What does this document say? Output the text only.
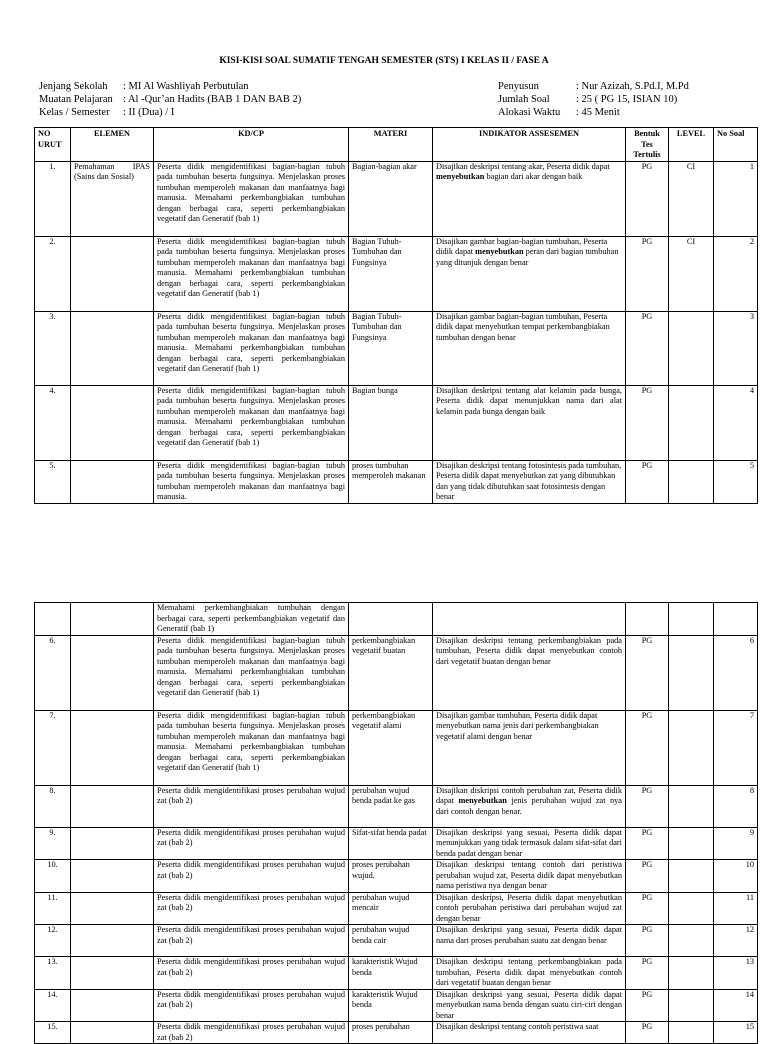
KISI-KISI SOAL SUMATIF TENGAH SEMESTER (STS) I KELAS II / FASE A
Jenjang Sekolah	: MI Al Washliyah Perbutulan
Muatan Pelajaran : Al -Qur’an Hadits (BAB 1 DAN BAB 2)
Kelas / Semester	: II (Dua) / I
Penyusun	: Nur Azizah, S.Pd.I, M.Pd
Jumlah Soal	: 25 ( PG 15, ISIAN 10)
Alokasi Waktu	: 45 Menit
NO URUT	ELEMEN	KD/CP	MATERI	INDIKATOR ASSESEMEN	Bentuk Tes Tertulis	LEVEL	No Soal
1.	Pemahaman IPAS (Sains dan Sosial)	Peserta didik mengidentifikasi bagian-bagian tubuh pada tumbuhan beserta fungsinya. Menjelaskan proses tumbuhan memperoleh makanan dan manfaatnya bagi manusia. Memahami perkembangbiakan tumbuhan dengan berbagai cara, seperti perkembangbiakan vegetatif dan Generatif (bab 1)	Bagian-bagian akar	Disajikan deskripsi tentang akar, Peserta didik dapat menyebutkan bagian dari akar dengan baik	PG	CI	1
2.		Peserta didik mengidentifikasi bagian-bagian tubuh pada tumbuhan beserta fungsinya. Menjelaskan proses tumbuhan memperoleh makanan dan manfaatnya bagi manusia. Memahami perkembangbiakan tumbuhan dengan berbagai cara, seperti perkembangbiakan vegetatif dan Generatif (bab 1)	Bagian Tubuh-Tumbuhan dan Fungsinya	Disajikan gambar bagian-bagian tumbuhan, Peserta didik dapat menyebutkan peran dari bagian tumbuhan yang ditunjuk dengan benar	PG	CI	2
3.		Peserta didik mengidentifikasi bagian-bagian tubuh pada tumbuhan beserta fungsinya. Menjelaskan proses tumbuhan memperoleh makanan dan manfaatnya bagi manusia. Memahami perkembangbiakan tumbuhan dengan berbagai cara, seperti perkembangbiakan vegetatif dan Generatif (bab 1)	Bagian Tubuh-Tumbuhan dan Fungsinya	Disajikan gambar bagian-bagian tumbuhan, Peserta didik dapat menyebutkan tempat perkembangbiakan tumbuhan dengan benar	PG		3
4.		Peserta didik mengidentifikasi bagian-bagian tubuh pada tumbuhan beserta fungsinya. Menjelaskan proses tumbuhan memperoleh makanan dan manfaatnya bagi manusia. Memahami perkembangbiakan tumbuhan dengan berbagai cara, seperti perkembangbiakan vegetatif dan Generatif (bab 1)	Bagian bunga	Disajikan deskripsi tentang alat kelamin pada bunga, Peserta didik dapat menunjukkan nama dari alat kelamin pada bunga dengan baik	PG		4
5.		Peserta didik mengidentifikasi bagian-bagian tubuh pada tumbuhan beserta fungsinya. Menjelaskan proses tumbuhan memperoleh makanan dan manfaatnya bagi manusia.	proses tumbuhan memperoleh makanan	Disajikan deskripsi tentang fotosintesis pada tumbuhan, Peserta didik dapat menyebutkan zat yang dibutuhkan dan yang tidak dibutuhkan saat fotosintesis dengan benar	PG		5
		Memahami perkembangbiakan tumbuhan dengan berbagai cara, seperti perkembangbiakan vegetatif dan Generatif (bab 1)					
6.		Peserta didik mengidentifikasi bagian-bagian tubuh pada tumbuhan beserta fungsinya. Menjelaskan proses tumbuhan memperoleh makanan dan manfaatnya bagi manusia. Memahami perkembangbiakan tumbuhan dengan berbagai cara, seperti perkembangbiakan vegetatif dan Generatif (bab 1)	perkembangbiakan vegetatif buatan	Disajikan deskripsi tentang perkembangbiakan pada tumbuhan, Peserta didik dapat menyebutkan contoh dari vegetatif buatan dengan benar	PG		6
7.		Peserta didik mengidentifikasi bagian-bagian tubuh pada tumbuhan beserta fungsinya. Menjelaskan proses tumbuhan memperoleh makanan dan manfaatnya bagi manusia. Memahami perkembangbiakan tumbuhan dengan berbagai cara, seperti perkembangbiakan vegetatif dan Generatif (bab 1)	perkembangbiakan vegetatif alami	Disajikan gambar tumbuhan, Peserta didik dapat menyebutkan nama jenis dari perkembangbiakan vegetatif alami dengan benar	PG		7
8.		Peserta didik mengidentifikasi proses perubahan wujud zat (bab 2)	perubahan wujud benda padat ke gas	Disajikan diskripsi contoh perubahan zat, Peserta didik dapat menyebutkan jenis perubahan wujud zat nya dari contoh dengan benar.	PG		8
9.		Peserta didik mengidentifikasi proses perubahan wujud zat (bab 2)	Sifat-sifat benda padat	Disajikan deskripsi yang sesuai, Peserta didik dapat menunjukkan yang tidak termasuk dalam sifat-sifat dari benda padat dengan benar	PG		9
10.		Peserta didik mengidentifikasi proses perubahan wujud zat (bab 2)	proses perubahan wujud.	Disajikan deskripsi tentang contoh dari peristiwa perubahan wujud zat, Peserta didik dapat menyebutkan nama peristiwa nya dengan benar	PG		10
11.		Peserta didik mengidentifikasi proses perubahan wujud zat (bab 2)	perubahan wujud mencair	Disajikan deskripsi, Peserta didik dapat menyebutkan contoh perubahan peristiwa dari perubahan wujud zat dengan benar	PG		11
12.		Peserta didik mengidentifikasi proses perubahan wujud zat (bab 2)	perubahan wujud benda cair	Disajikan deskripsi yang sesuai, Peserta didik dapat nama dari proses perubahan suatu zat dengan benar	PG		12
13.		Peserta didik mengidentifikasi proses perubahan wujud zat (bab 2)	karakteristik Wujud benda	Disajikan deskripsi tentang perkembangbiakan pada tumbuhan, Peserta didik dapat menyebutkan contoh dari vegetatif buatan dengan benar	PG		13
14.		Peserta didik mengidentifikasi proses perubahan wujud zat (bab 2)	karakteristik Wujud benda	Disajikan deskripsi yang sesuai, Peserta didik dapat menyebutkan nama benda dengan suatu ciri-ciri dengan benar	PG		14
15.		Peserta didik mengidentifikasi proses perubahan wujud zat (bab 2)	proses perubahan	Disajikan deskripsi tentang contoh peristiwa saat	PG		15
